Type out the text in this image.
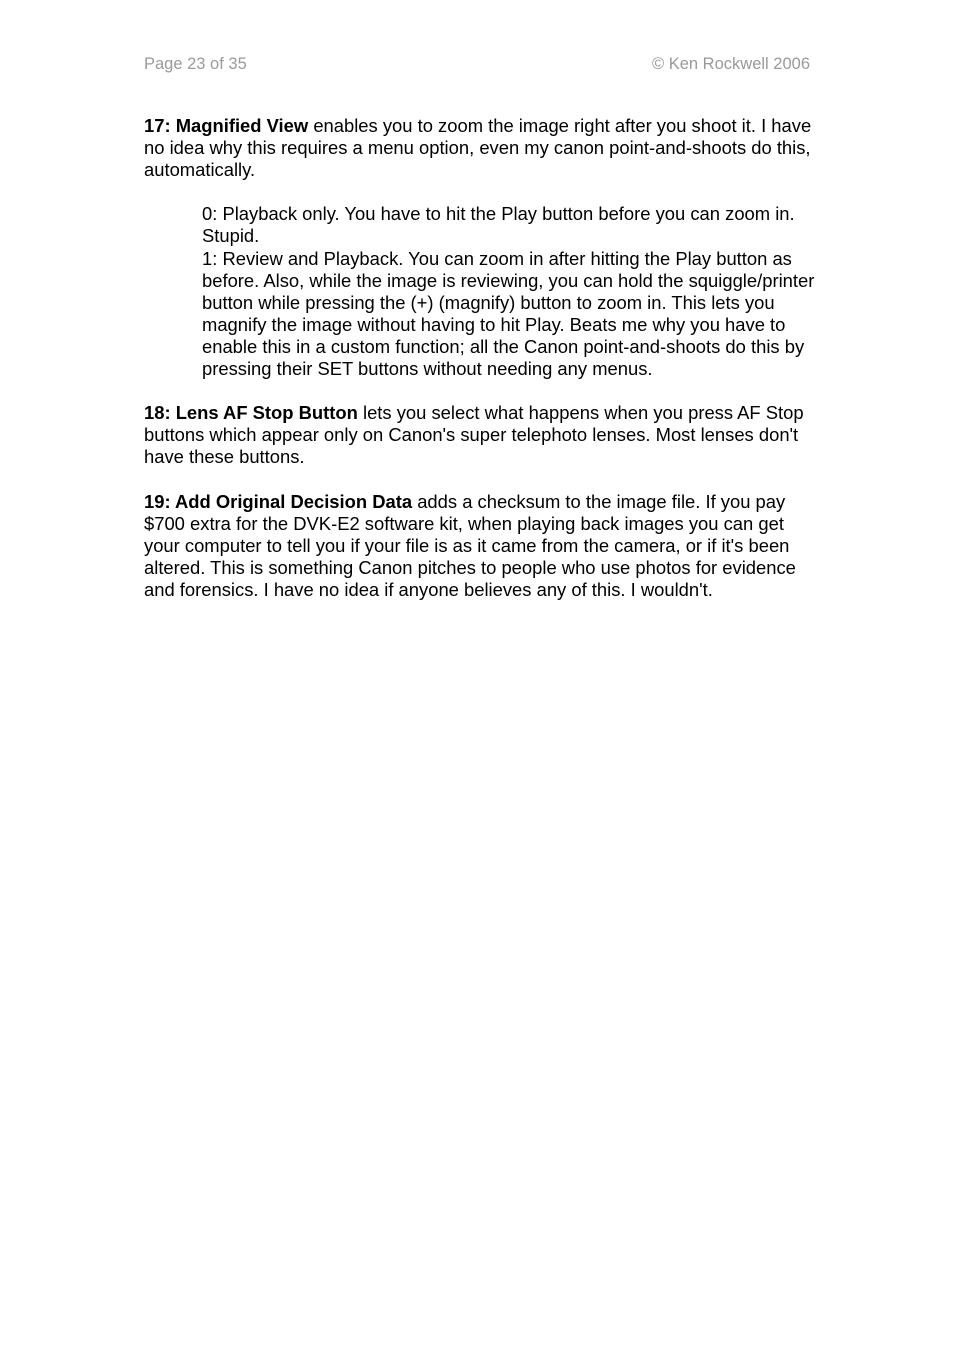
Page 23 of 35	© Ken Rockwell 2006

17: Magnified View enables you to zoom the image right after you shoot it. I have no idea why this requires a menu option, even my canon point-and-shoots do this, automatically.

0: Playback only. You have to hit the Play button before you can zoom in. Stupid.

1: Review and Playback. You can zoom in after hitting the Play button as before. Also, while the image is reviewing, you can hold the squiggle/printer button while pressing the (+) (magnify) button to zoom in. This lets you magnify the image without having to hit Play. Beats me why you have to enable this in a custom function; all the Canon point-and-shoots do this by pressing their SET buttons without needing any menus.

18: Lens AF Stop Button lets you select what happens when you press AF Stop buttons which appear only on Canon's super telephoto lenses. Most lenses don't have these buttons.

19: Add Original Decision Data adds a checksum to the image file. If you pay $700 extra for the DVK-E2 software kit, when playing back images you can get your computer to tell you if your file is as it came from the camera, or if it's been altered. This is something Canon pitches to people who use photos for evidence and forensics. I have no idea if anyone believes any of this. I wouldn't.
